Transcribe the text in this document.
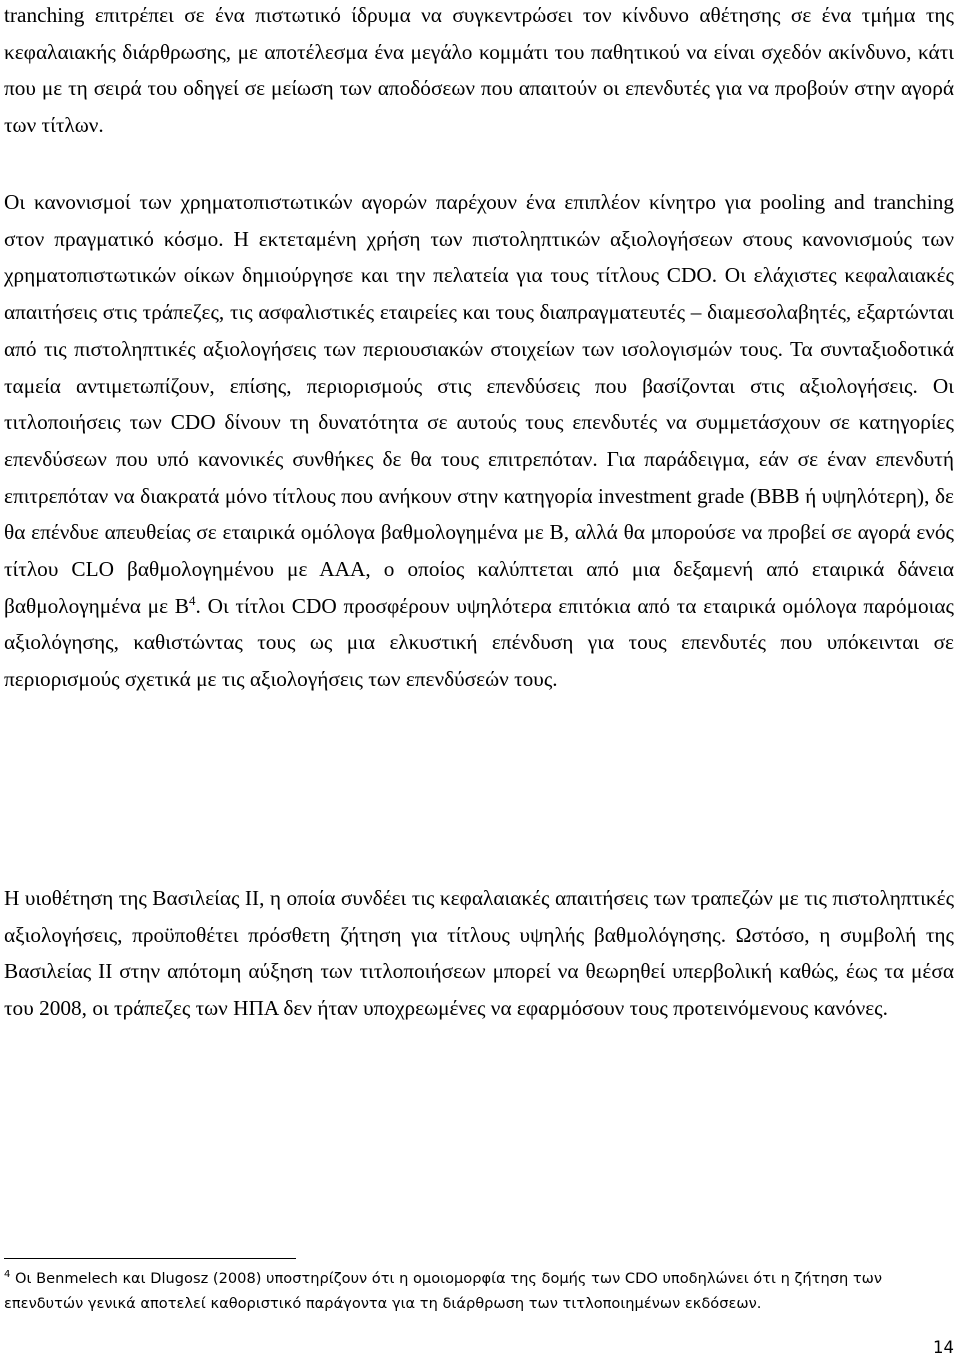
tranching επιτρέπει σε ένα πιστωτικό ίδρυμα να συγκεντρώσει τον κίνδυνο αθέτησης σε ένα τμήμα της κεφαλαιακής διάρθρωσης, με αποτέλεσμα ένα μεγάλο κομμάτι του παθητικού να είναι σχεδόν ακίνδυνο, κάτι που με τη σειρά του οδηγεί σε μείωση των αποδόσεων που απαιτούν οι επενδυτές για να προβούν στην αγορά των τίτλων.

Οι κανονισμοί των χρηματοπιστωτικών αγορών παρέχουν ένα επιπλέον κίνητρο για pooling and tranching στον πραγματικό κόσμο. Η εκτεταμένη χρήση των πιστοληπτικών αξιολογήσεων στους κανονισμούς των χρηματοπιστωτικών οίκων δημιούργησε και την πελατεία για τους τίτλους CDO. Οι ελάχιστες κεφαλαιακές απαιτήσεις στις τράπεζες, τις ασφαλιστικές εταιρείες και τους διαπραγματευτές – διαμεσολαβητές, εξαρτώνται από τις πιστοληπτικές αξιολογήσεις των περιουσιακών στοιχείων των ισολογισμών τους. Τα συνταξιοδοτικά ταμεία αντιμετωπίζουν, επίσης, περιορισμούς στις επενδύσεις που βασίζονται στις αξιολογήσεις. Οι τιτλοποιήσεις των CDO δίνουν τη δυνατότητα σε αυτούς τους επενδυτές να συμμετάσχουν σε κατηγορίες επενδύσεων που υπό κανονικές συνθήκες δε θα τους επιτρεπόταν. Για παράδειγμα, εάν σε έναν επενδυτή επιτρεπόταν να διακρατά μόνο τίτλους που ανήκουν στην κατηγορία investment grade (BBB ή υψηλότερη), δε θα επένδυε απευθείας σε εταιρικά ομόλογα βαθμολογημένα με Β, αλλά θα μπορούσε να προβεί σε αγορά ενός τίτλου CLO βαθμολογημένου με ΑΑΑ, ο οποίος καλύπτεται από μια δεξαμενή από εταιρικά δάνεια βαθμολογημένα με Β$^4$. Οι τίτλοι CDO προσφέρουν υψηλότερα επιτόκια από τα εταιρικά ομόλογα παρόμοιας αξιολόγησης, καθιστώντας τους ως μια ελκυστική επένδυση για τους επενδυτές που υπόκεινται σε περιορισμούς σχετικά με τις αξιολογήσεις των επενδύσεών τους.

Η υιοθέτηση της Βασιλείας ΙΙ, η οποία συνδέει τις κεφαλαιακές απαιτήσεις των τραπεζών με τις πιστοληπτικές αξιολογήσεις, προϋποθέτει πρόσθετη ζήτηση για τίτλους υψηλής βαθμολόγησης. Ωστόσο, η συμβολή της Βασιλείας ΙΙ στην απότομη αύξηση των τιτλοποιήσεων μπορεί να θεωρηθεί υπερβολική καθώς, έως τα μέσα του 2008, οι τράπεζες των ΗΠΑ δεν ήταν υποχρεωμένες να εφαρμόσουν τους προτεινόμενους κανόνες.

$^4$ Οι Benmelech και Dlugosz (2008) υποστηρίζουν ότι η ομοιομορφία της δομής των CDO υποδηλώνει ότι η ζήτηση των επενδυτών γενικά αποτελεί καθοριστικό παράγοντα για τη διάρθρωση των τιτλοποιημένων εκδόσεων.

14
